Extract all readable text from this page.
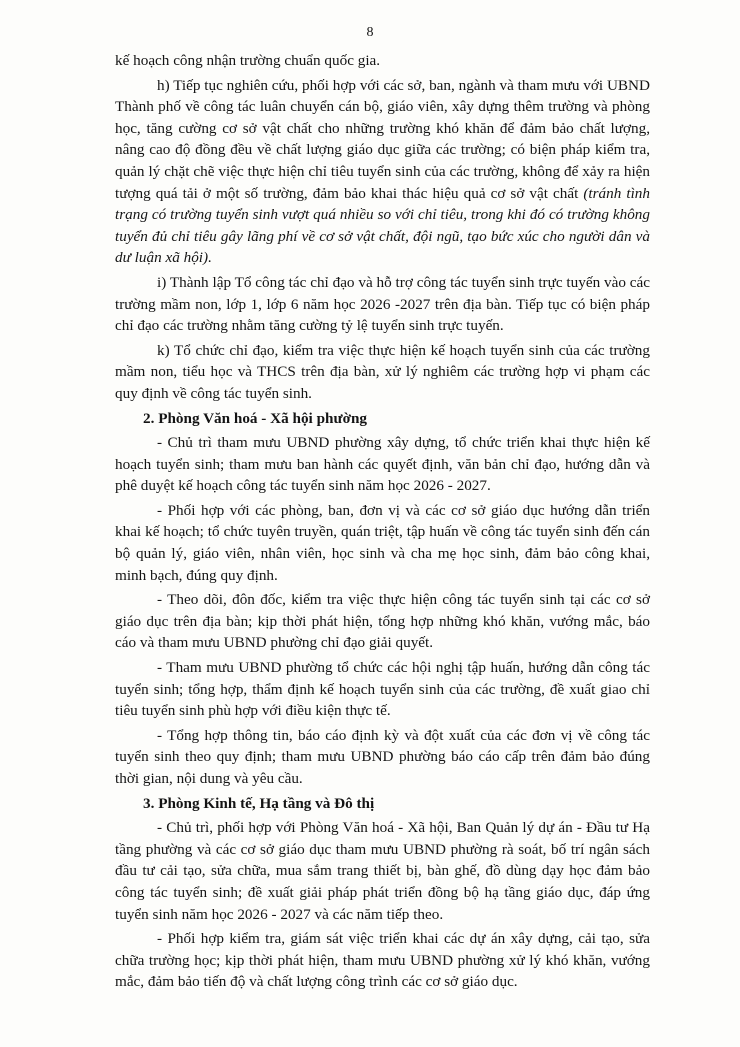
8

kế hoạch công nhận trường chuẩn quốc gia.

h) Tiếp tục nghiên cứu, phối hợp với các sở, ban, ngành và tham mưu với UBND Thành phố về công tác luân chuyển cán bộ, giáo viên, xây dựng thêm trường và phòng học, tăng cường cơ sở vật chất cho những trường khó khăn để đảm bảo chất lượng, nâng cao độ đồng đều về chất lượng giáo dục giữa các trường; có biện pháp kiểm tra, quản lý chặt chẽ việc thực hiện chỉ tiêu tuyển sinh của các trường, không để xảy ra hiện tượng quá tải ở một số trường, đảm bảo khai thác hiệu quả cơ sở vật chất (tránh tình trạng có trường tuyển sinh vượt quá nhiều so với chỉ tiêu, trong khi đó có trường không tuyển đủ chỉ tiêu gây lãng phí về cơ sở vật chất, đội ngũ, tạo bức xúc cho người dân và dư luận xã hội).

i) Thành lập Tổ công tác chỉ đạo và hỗ trợ công tác tuyển sinh trực tuyến vào các trường mầm non, lớp 1, lớp 6 năm học 2026 -2027 trên địa bàn. Tiếp tục có biện pháp chỉ đạo các trường nhằm tăng cường tỷ lệ tuyển sinh trực tuyến.

k) Tổ chức chỉ đạo, kiểm tra việc thực hiện kế hoạch tuyển sinh của các trường mầm non, tiểu học và THCS trên địa bàn, xử lý nghiêm các trường hợp vi phạm các quy định về công tác tuyển sinh.

2. Phòng Văn hoá - Xã hội phường

- Chủ trì tham mưu UBND phường xây dựng, tổ chức triển khai thực hiện kế hoạch tuyển sinh; tham mưu ban hành các quyết định, văn bản chỉ đạo, hướng dẫn và phê duyệt kế hoạch công tác tuyển sinh năm học 2026 - 2027.

- Phối hợp với các phòng, ban, đơn vị và các cơ sở giáo dục hướng dẫn triển khai kế hoạch; tổ chức tuyên truyền, quán triệt, tập huấn về công tác tuyển sinh đến cán bộ quản lý, giáo viên, nhân viên, học sinh và cha mẹ học sinh, đảm bảo công khai, minh bạch, đúng quy định.

- Theo dõi, đôn đốc, kiểm tra việc thực hiện công tác tuyển sinh tại các cơ sở giáo dục trên địa bàn; kịp thời phát hiện, tổng hợp những khó khăn, vướng mắc, báo cáo và tham mưu UBND phường chỉ đạo giải quyết.

- Tham mưu UBND phường tổ chức các hội nghị tập huấn, hướng dẫn công tác tuyển sinh; tổng hợp, thẩm định kế hoạch tuyển sinh của các trường, đề xuất giao chỉ tiêu tuyển sinh phù hợp với điều kiện thực tế.

- Tổng hợp thông tin, báo cáo định kỳ và đột xuất của các đơn vị về công tác tuyển sinh theo quy định; tham mưu UBND phường báo cáo cấp trên đảm bảo đúng thời gian, nội dung và yêu cầu.

3. Phòng Kinh tế, Hạ tầng và Đô thị

- Chủ trì, phối hợp với Phòng Văn hoá - Xã hội, Ban Quản lý dự án - Đầu tư Hạ tầng phường và các cơ sở giáo dục tham mưu UBND phường rà soát, bố trí ngân sách đầu tư cải tạo, sửa chữa, mua sắm trang thiết bị, bàn ghế, đồ dùng dạy học đảm bảo công tác tuyển sinh; đề xuất giải pháp phát triển đồng bộ hạ tầng giáo dục, đáp ứng tuyển sinh năm học 2026 - 2027 và các năm tiếp theo.

- Phối hợp kiểm tra, giám sát việc triển khai các dự án xây dựng, cải tạo, sửa chữa trường học; kịp thời phát hiện, tham mưu UBND phường xử lý khó khăn, vướng mắc, đảm bảo tiến độ và chất lượng công trình các cơ sở giáo dục.
